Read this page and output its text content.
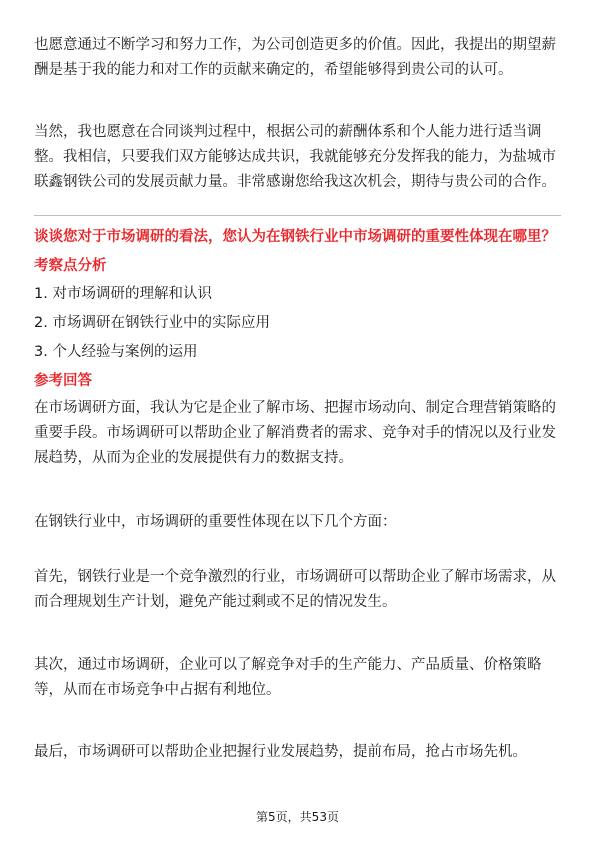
也愿意通过不断学习和努力工作，为公司创造更多的价值。因此，我提出的期望薪酬是基于我的能力和对工作的贡献来确定的，希望能够得到贵公司的认可。

当然，我也愿意在合同谈判过程中，根据公司的薪酬体系和个人能力进行适当调整。我相信，只要我们双方能够达成共识，我就能够充分发挥我的能力，为盐城市联鑫钢铁公司的发展贡献力量。非常感谢您给我这次机会，期待与贵公司的合作。

谈谈您对于市场调研的看法，您认为在钢铁行业中市场调研的重要性体现在哪里？
考察点分析
1. 对市场调研的理解和认识
2. 市场调研在钢铁行业中的实际应用
3. 个人经验与案例的运用
参考回答

在市场调研方面，我认为它是企业了解市场、把握市场动向、制定合理营销策略的重要手段。市场调研可以帮助企业了解消费者的需求、竞争对手的情况以及行业发展趋势，从而为企业的发展提供有力的数据支持。

在钢铁行业中，市场调研的重要性体现在以下几个方面：

首先，钢铁行业是一个竞争激烈的行业，市场调研可以帮助企业了解市场需求，从而合理规划生产计划，避免产能过剩或不足的情况发生。

其次，通过市场调研，企业可以了解竞争对手的生产能力、产品质量、价格策略等，从而在市场竞争中占据有利地位。

最后，市场调研可以帮助企业把握行业发展趋势，提前布局，抢占市场先机。

第5页，共53页
